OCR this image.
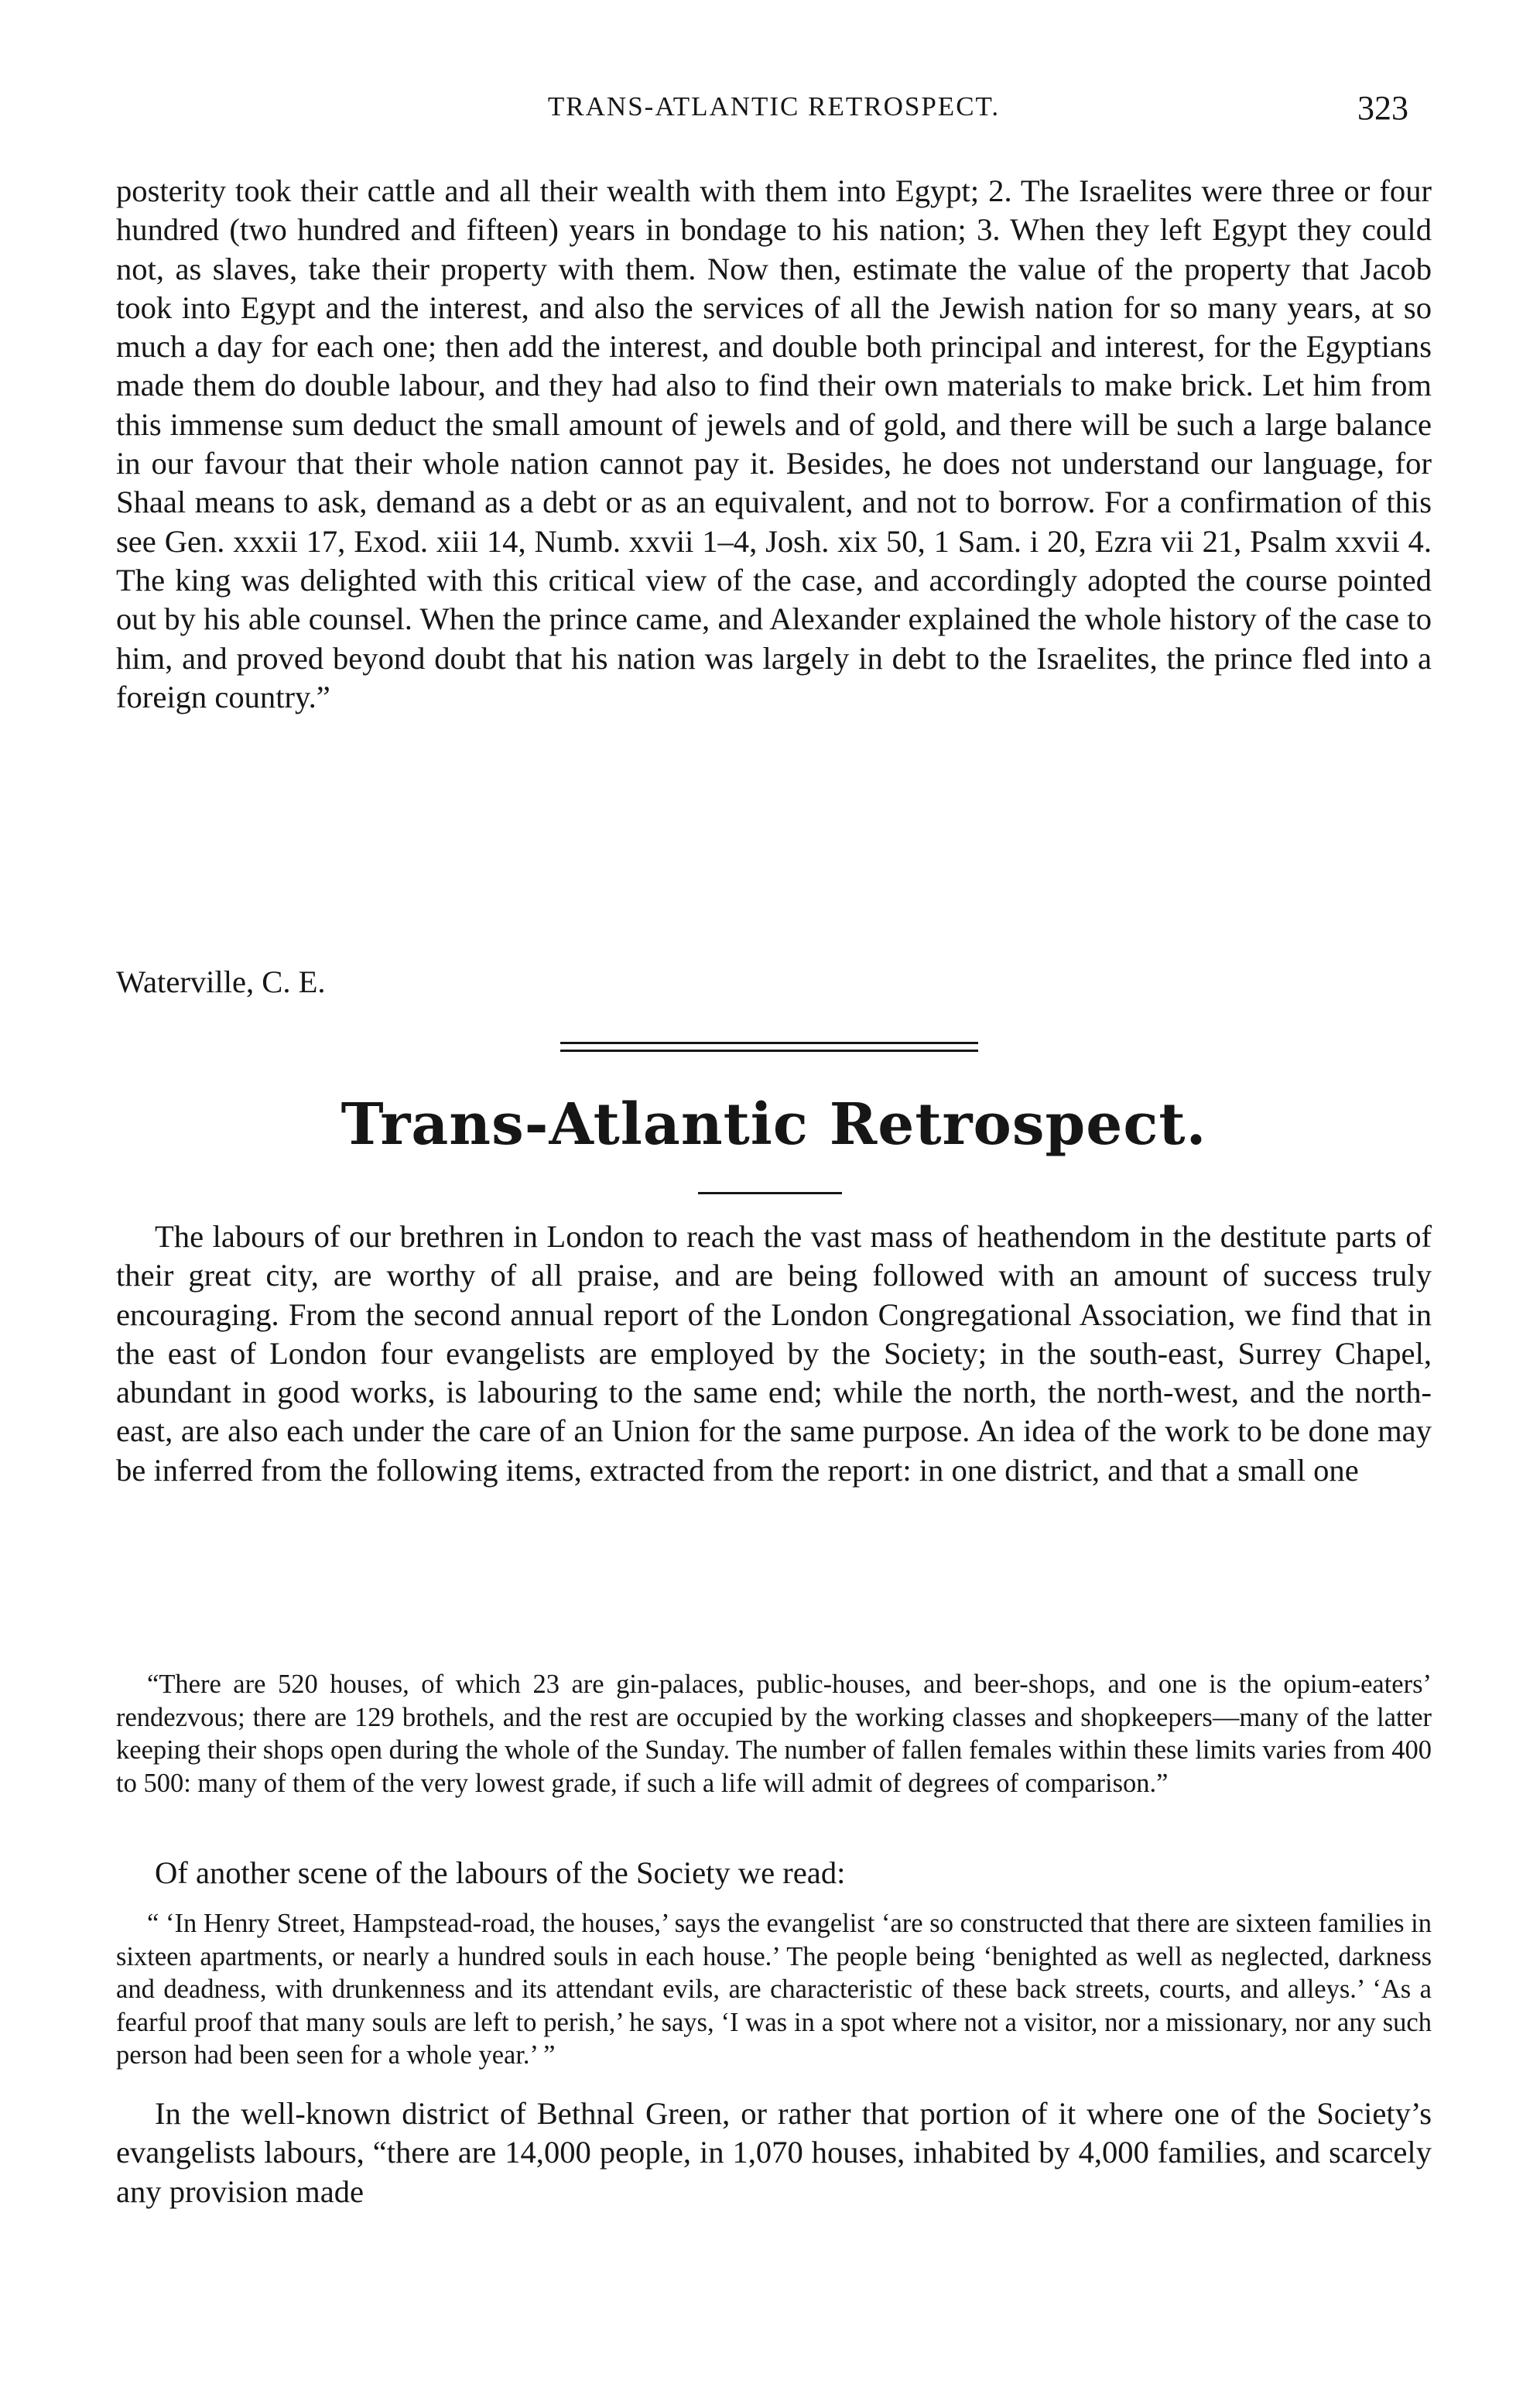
TRANS-ATLANTIC RETROSPECT.	323

posterity took their cattle and all their wealth with them into Egypt; 2. The Israelites were three or four hundred (two hundred and fifteen) years in bondage to his nation; 3. When they left Egypt they could not, as slaves, take their property with them. Now then, estimate the value of the property that Jacob took into Egypt and the interest, and also the services of all the Jewish nation for so many years, at so much a day for each one; then add the interest, and double both principal and interest, for the Egyptians made them do double labour, and they had also to find their own materials to make brick. Let him from this immense sum deduct the small amount of jewels and of gold, and there will be such a large balance in our favour that their whole nation cannot pay it. Besides, he does not understand our language, for Shaal means to ask, demand as a debt or as an equivalent, and not to borrow. For a confirmation of this see Gen. xxxii 17, Exod. xiii 14, Numb. xxvii 1–4, Josh. xix 50, 1 Sam. i 20, Ezra vii 21, Psalm xxvii 4. The king was delighted with this critical view of the case, and accordingly adopted the course pointed out by his able counsel. When the prince came, and Alexander explained the whole history of the case to him, and proved beyond doubt that his nation was largely in debt to the Israelites, the prince fled into a foreign country.”

Waterville, C. E.
Trans-Atlantic Retrospect.

The labours of our brethren in London to reach the vast mass of heathendom in the destitute parts of their great city, are worthy of all praise, and are being followed with an amount of success truly encouraging. From the second annual report of the London Congregational Association, we find that in the east of London four evangelists are employed by the Society; in the south-east, Surrey Chapel, abundant in good works, is labouring to the same end; while the north, the north-west, and the north-east, are also each under the care of an Union for the same purpose. An idea of the work to be done may be inferred from the following items, extracted from the report: in one district, and that a small one

“There are 520 houses, of which 23 are gin-palaces, public-houses, and beer-shops, and one is the opium-eaters’ rendezvous; there are 129 brothels, and the rest are occupied by the working classes and shopkeepers—many of the latter keeping their shops open during the whole of the Sunday. The number of fallen females within these limits varies from 400 to 500: many of them of the very lowest grade, if such a life will admit of degrees of comparison.”

Of another scene of the labours of the Society we read:

“ ‘In Henry Street, Hampstead-road, the houses,’ says the evangelist ‘are so constructed that there are sixteen families in sixteen apartments, or nearly a hundred souls in each house.’ The people being ‘benighted as well as neglected, darkness and deadness, with drunkenness and its attendant evils, are characteristic of these back streets, courts, and alleys.’ ‘As a fearful proof that many souls are left to perish,’ he says, ‘I was in a spot where not a visitor, nor a missionary, nor any such person had been seen for a whole year.’ ”

In the well-known district of Bethnal Green, or rather that portion of it where one of the Society’s evangelists labours, “there are 14,000 people, in 1,070 houses, inhabited by 4,000 families, and scarcely any provision made
